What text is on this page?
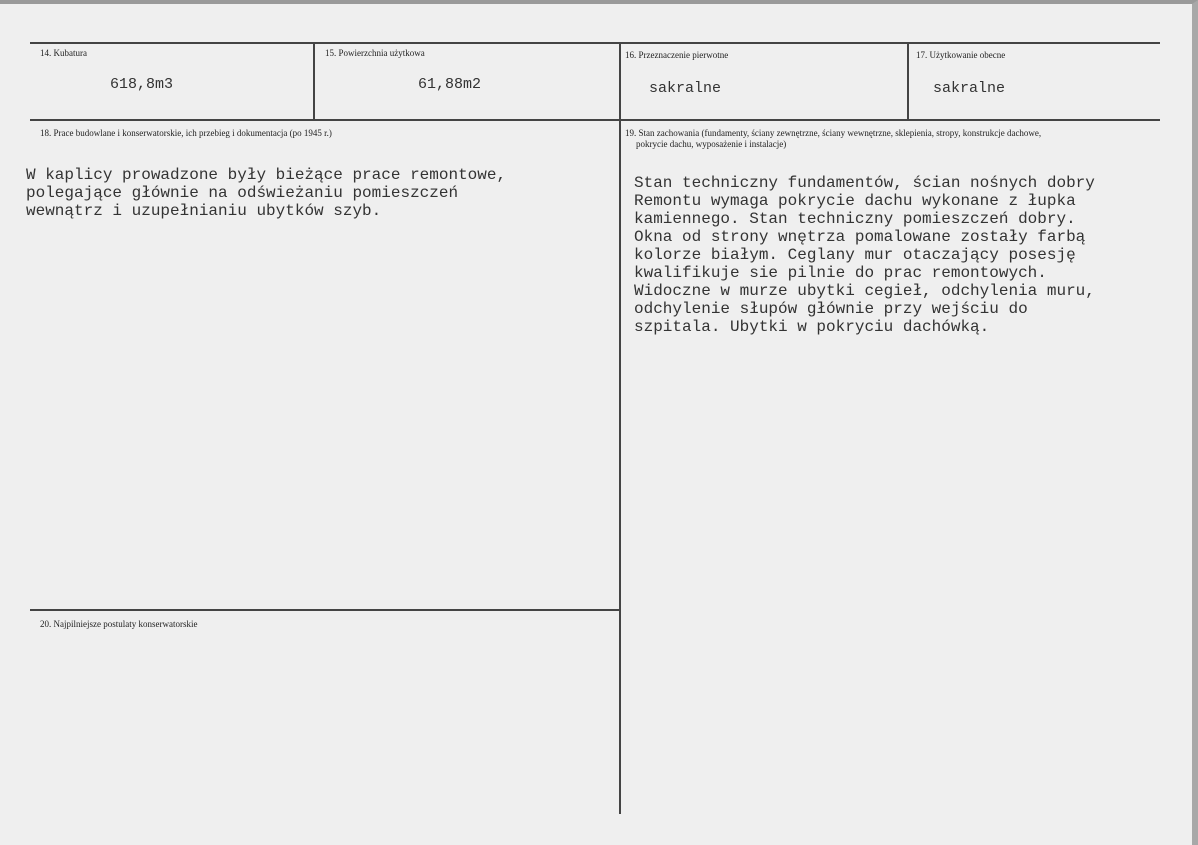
14. Kubatura
618,8m3
15. Powierzchnia użytkowa
61,88m2
16. Przeznaczenie pierwotne
sakralne
17. Użytkowanie obecne
sakralne
18. Prace budowlane i konserwatorskie, ich przebieg i dokumentacja (po 1945 r.)
W kaplicy prowadzone były bieżące prace remontowe,
polegające głównie na odświeżaniu pomieszczeń
wewnątrz i uzupełnianiu ubytków szyb.
19. Stan zachowania (fundamenty, ściany zewnętrzne, ściany wewnętrzne, sklepienia, stropy, konstrukcje dachowe,
pokrycie dachu, wyposażenie i instalacje)
Stan techniczny fundamentów, ścian nośnych dobry
Remontu wymaga pokrycie dachu wykonane z łupka
kamiennego. Stan techniczny pomieszczeń dobry.
Okna od strony wnętrza pomalowane zostały farbą
kolorze białym. Ceglany mur otaczający posesję
kwalifikuje sie pilnie do prac remontowych.
Widoczne w murze ubytki cegieł, odchylenia muru,
odchylenie słupów głównie przy wejściu do
szpitala. Ubytki w pokryciu dachówką.
20. Najpilniejsze postulaty konserwatorskie
